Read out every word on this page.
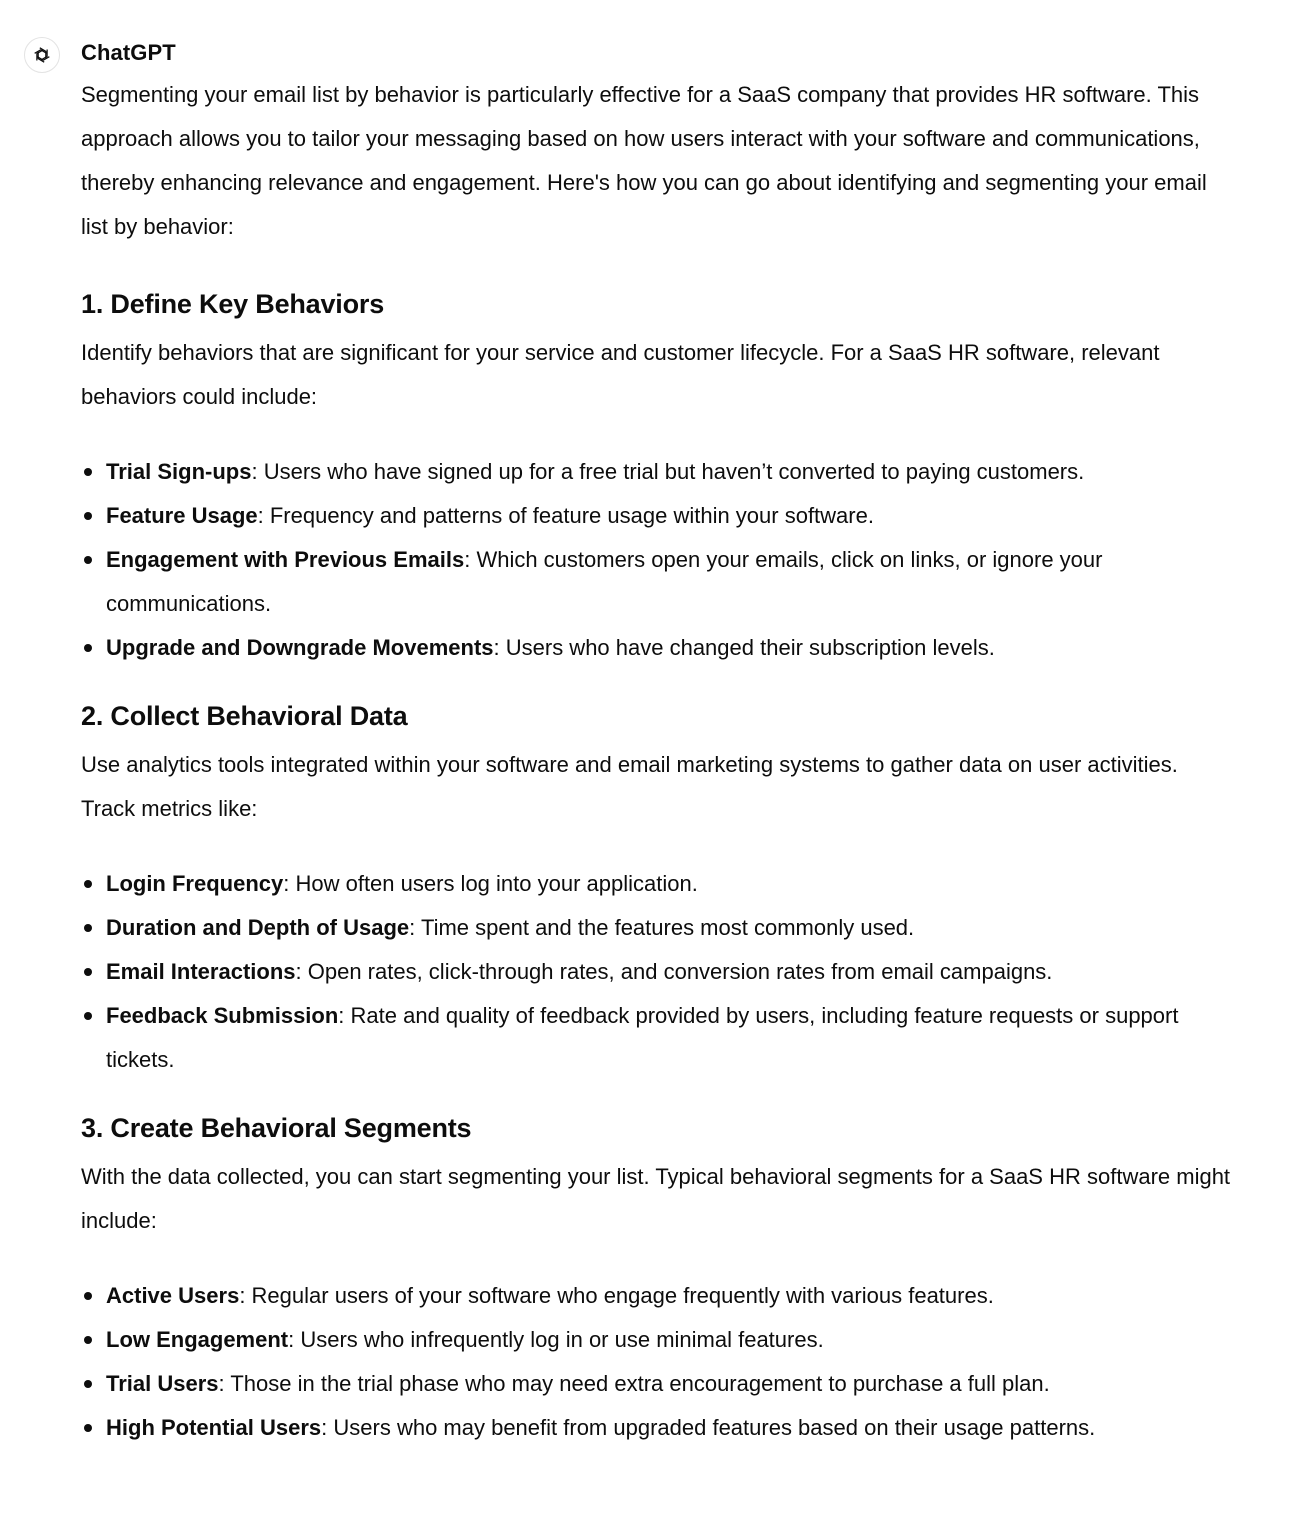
ChatGPT

Segmenting your email list by behavior is particularly effective for a SaaS company that provides HR software. This approach allows you to tailor your messaging based on how users interact with your software and communications, thereby enhancing relevance and engagement. Here's how you can go about identifying and segmenting your email list by behavior:

1. Define Key Behaviors

Identify behaviors that are significant for your service and customer lifecycle. For a SaaS HR software, relevant behaviors could include:

Trial Sign-ups: Users who have signed up for a free trial but haven’t converted to paying customers.
Feature Usage: Frequency and patterns of feature usage within your software.
Engagement with Previous Emails: Which customers open your emails, click on links, or ignore your communications.
Upgrade and Downgrade Movements: Users who have changed their subscription levels.
2. Collect Behavioral Data

Use analytics tools integrated within your software and email marketing systems to gather data on user activities. Track metrics like:

Login Frequency: How often users log into your application.
Duration and Depth of Usage: Time spent and the features most commonly used.
Email Interactions: Open rates, click-through rates, and conversion rates from email campaigns.
Feedback Submission: Rate and quality of feedback provided by users, including feature requests or support tickets.
3. Create Behavioral Segments

With the data collected, you can start segmenting your list. Typical behavioral segments for a SaaS HR software might include:

Active Users: Regular users of your software who engage frequently with various features.
Low Engagement: Users who infrequently log in or use minimal features.
Trial Users: Those in the trial phase who may need extra encouragement to purchase a full plan.
High Potential Users: Users who may benefit from upgraded features based on their usage patterns.
